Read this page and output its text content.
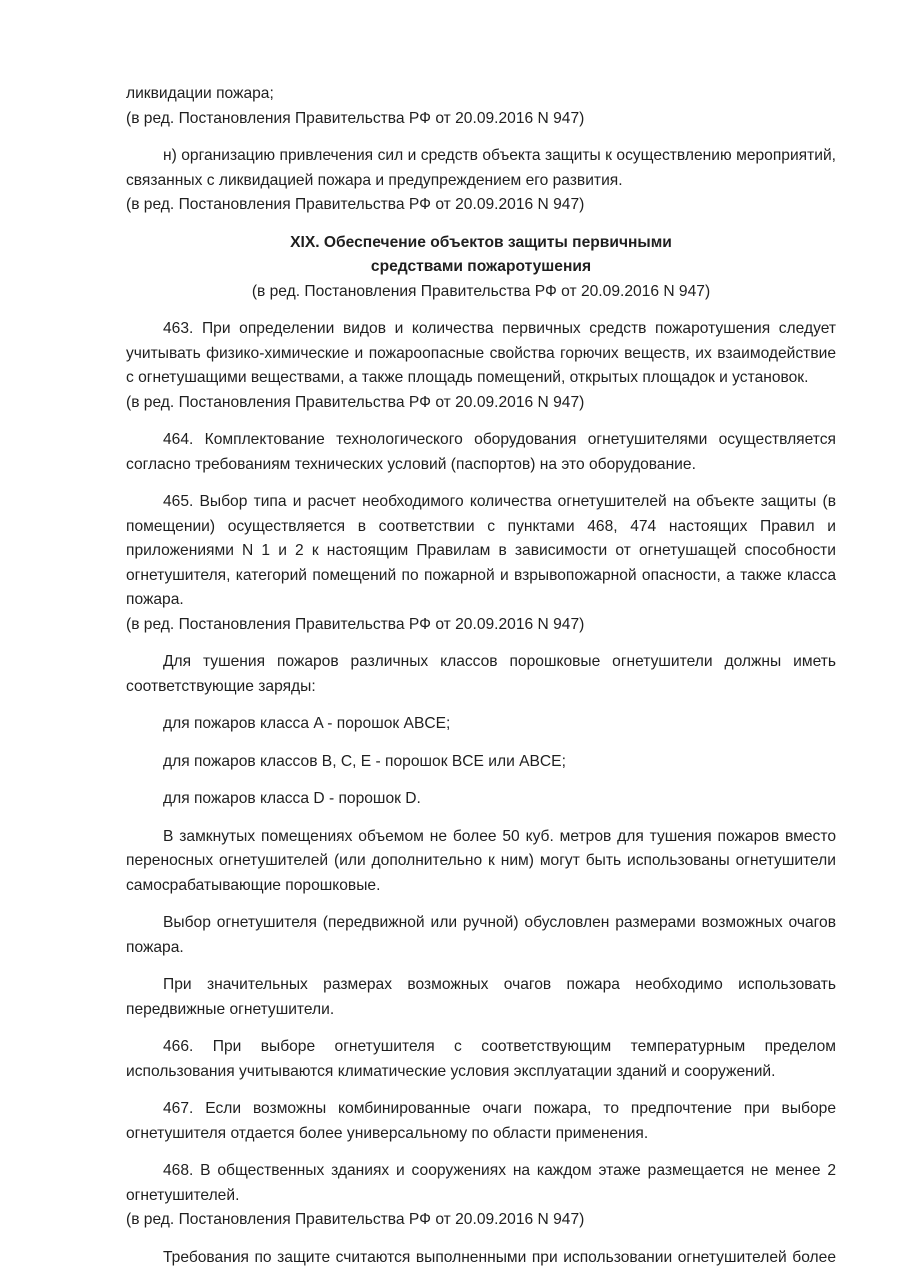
ликвидации пожара;

(в ред. Постановления Правительства РФ от 20.09.2016 N 947)

н) организацию привлечения сил и средств объекта защиты к осуществлению мероприятий, связанных с ликвидацией пожара и предупреждением его развития.

(в ред. Постановления Правительства РФ от 20.09.2016 N 947)

XIX. Обеспечение объектов защиты первичными

средствами пожаротушения

(в ред. Постановления Правительства РФ от 20.09.2016 N 947)

463. При определении видов и количества первичных средств пожаротушения следует учитывать физико-химические и пожароопасные свойства горючих веществ, их взаимодействие с огнетушащими веществами, а также площадь помещений, открытых площадок и установок.

(в ред. Постановления Правительства РФ от 20.09.2016 N 947)

464. Комплектование технологического оборудования огнетушителями осуществляется согласно требованиям технических условий (паспортов) на это оборудование.

465. Выбор типа и расчет необходимого количества огнетушителей на объекте защиты (в помещении) осуществляется в соответствии с пунктами 468, 474 настоящих Правил и приложениями N 1 и 2 к настоящим Правилам в зависимости от огнетушащей способности огнетушителя, категорий помещений по пожарной и взрывопожарной опасности, а также класса пожара.

(в ред. Постановления Правительства РФ от 20.09.2016 N 947)

Для тушения пожаров различных классов порошковые огнетушители должны иметь соответствующие заряды:

для пожаров класса A - порошок ABCE;

для пожаров классов B, C, E - порошок BCE или ABCE;

для пожаров класса D - порошок D.

В замкнутых помещениях объемом не более 50 куб. метров для тушения пожаров вместо переносных огнетушителей (или дополнительно к ним) могут быть использованы огнетушители самосрабатывающие порошковые.

Выбор огнетушителя (передвижной или ручной) обусловлен размерами возможных очагов пожара.

При значительных размерах возможных очагов пожара необходимо использовать передвижные огнетушители.

466. При выборе огнетушителя с соответствующим температурным пределом использования учитываются климатические условия эксплуатации зданий и сооружений.

467. Если возможны комбинированные очаги пожара, то предпочтение при выборе огнетушителя отдается более универсальному по области применения.

468. В общественных зданиях и сооружениях на каждом этаже размещается не менее 2 огнетушителей.

(в ред. Постановления Правительства РФ от 20.09.2016 N 947)

Требования по защите считаются выполненными при использовании огнетушителей более
